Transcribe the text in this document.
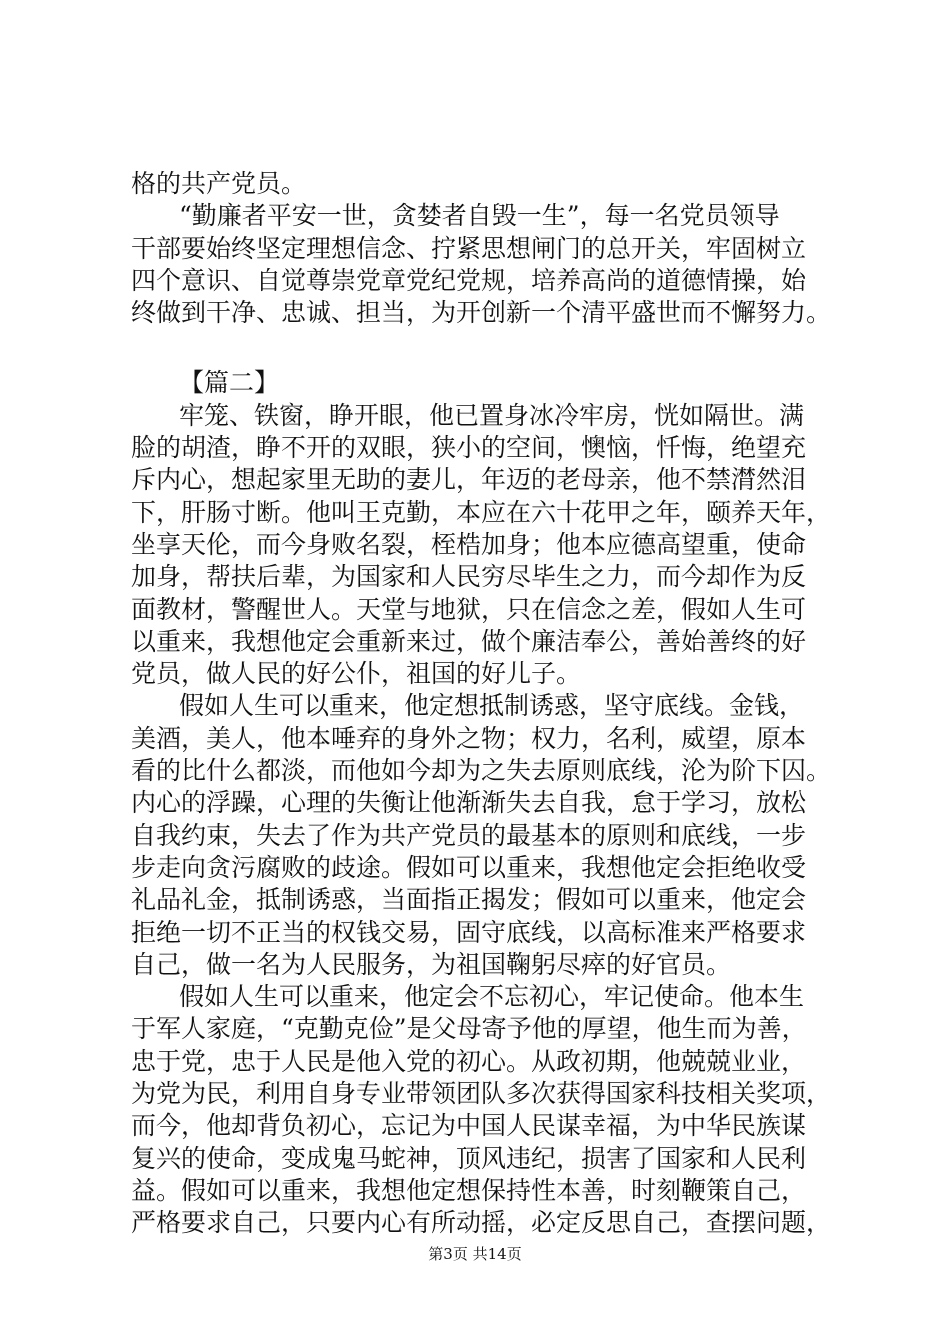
格的共产党员。
“勤廉者平安一世，贪婪者自毁一生”，每一名党员领导
干部要始终坚定理想信念、拧紧思想闸门的总开关，牢固树立
四个意识、自觉尊崇党章党纪党规，培养高尚的道德情操，始
终做到干净、忠诚、担当，为开创新一个清平盛世而不懈努力。
【篇二】
牢笼、铁窗，睁开眼，他已置身冰冷牢房，恍如隔世。满
脸的胡渣，睁不开的双眼，狭小的空间，懊恼，忏悔，绝望充
斥内心，想起家里无助的妻儿，年迈的老母亲，他不禁潸然泪
下，肝肠寸断。他叫王克勤，本应在六十花甲之年，颐养天年，
坐享天伦，而今身败名裂，桎梏加身；他本应德高望重，使命
加身，帮扶后辈，为国家和人民穷尽毕生之力，而今却作为反
面教材，警醒世人。天堂与地狱，只在信念之差，假如人生可
以重来，我想他定会重新来过，做个廉洁奉公，善始善终的好
党员，做人民的好公仆，祖国的好儿子。
假如人生可以重来，他定想抵制诱惑，坚守底线。金钱，
美酒，美人，他本唾弃的身外之物；权力，名利，威望，原本
看的比什么都淡，而他如今却为之失去原则底线，沦为阶下囚。
内心的浮躁，心理的失衡让他渐渐失去自我，怠于学习，放松
自我约束，失去了作为共产党员的最基本的原则和底线，一步
步走向贪污腐败的歧途。假如可以重来，我想他定会拒绝收受
礼品礼金，抵制诱惑，当面指正揭发；假如可以重来，他定会
拒绝一切不正当的权钱交易，固守底线，以高标准来严格要求
自己，做一名为人民服务，为祖国鞠躬尽瘁的好官员。
假如人生可以重来，他定会不忘初心，牢记使命。他本生
于军人家庭，“克勤克俭”是父母寄予他的厚望，他生而为善，
忠于党，忠于人民是他入党的初心。从政初期，他兢兢业业，
为党为民，利用自身专业带领团队多次获得国家科技相关奖项，
而今，他却背负初心，忘记为中国人民谋幸福，为中华民族谋
复兴的使命，变成鬼马蛇神，顶风违纪，损害了国家和人民利
益。假如可以重来，我想他定想保持性本善，时刻鞭策自己，
严格要求自己，只要内心有所动摇，必定反思自己，查摆问题，
第3页 共14页
